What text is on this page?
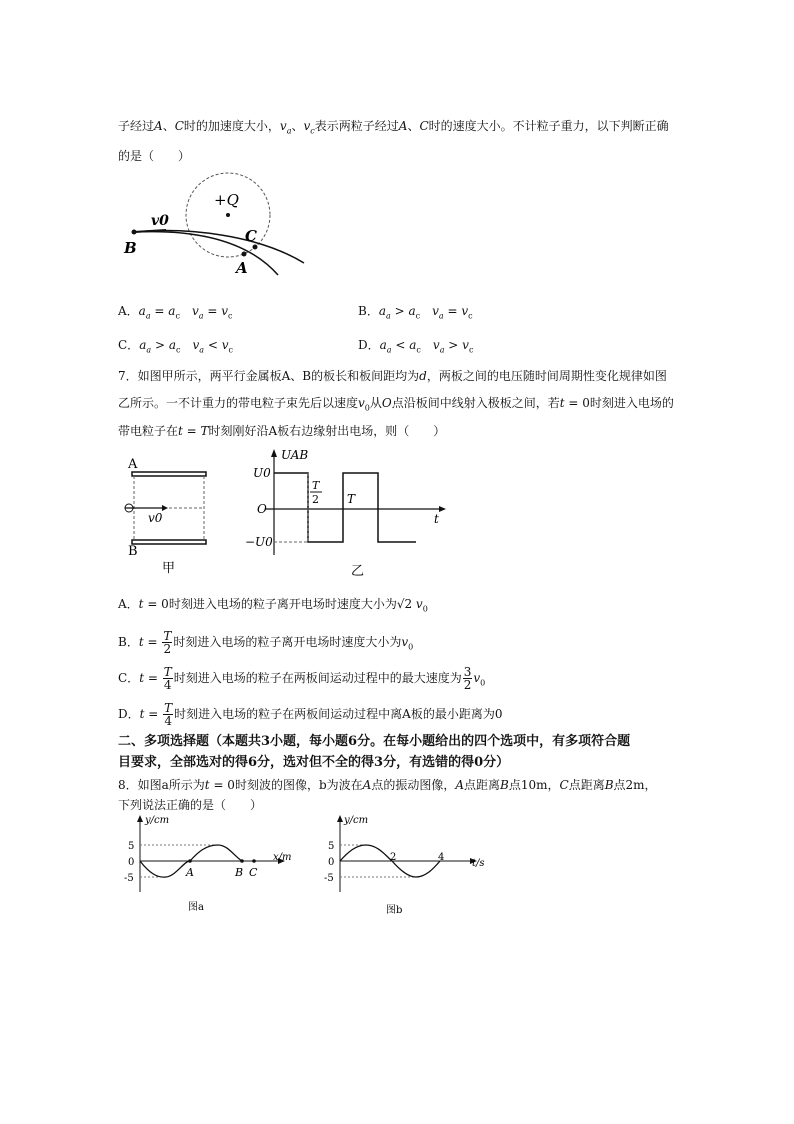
子经过A、C时的加速度大小，$v_a$、$v_c$表示两粒子经过A、C时的速度大小。不计粒子重力，以下判断正确
的是（　　）
+Q
v0
B
C
A
A．$a_a = a_c$　 $v_a = v_c$	B．$a_a > a_c$　 $v_a = v_c$
C．$a_a > a_c$　 $v_a < v_c$	D．$a_a < a_c$　 $v_a > v_c$
7．如图甲所示，两平行金属板A、B的板长和板间距均为d，两板之间的电压随时间周期性变化规律如图
乙所示。一不计重力的带电粒子束先后以速度$v_0$从O点沿板间中线射入极板之间，若t = 0时刻进入电场的
带电粒子在t = T时刻刚好沿A板右边缘射出电场，则（　　）
A
v0
B
甲
UAB
U0
O
−U0
t
T
2 T
乙
A．t = 0时刻进入电场的粒子离开电场时速度大小为√2 $v_0$
B．$t = \frac{T}{2}$ 时刻进入电场的粒子离开电场时速度大小为$v_0$
C．$t = \frac{T}{4}$ 时刻进入电场的粒子在两板间运动过程中的最大速度为 $\frac{3}{2} v_0$
D．$t = \frac{T}{4}$ 时刻进入电场的粒子在两板间运动过程中离A板的最小距离为0
二、多项选择题（本题共3小题，每小题6分。在每小题给出的四个选项中，有多项符合题
目要求，全部选对的得6分，选对但不全的得3分，有选错的得0分）
8．如图a所示为t = 0时刻波的图像，b为波在A点的振动图像，A点距离B点10m，C点距离B点2m，
下列说法正确的是（　　）
y/cm
x/m
5
0
-5	A	B C
图a
y/cm
t/s
5
0
-5
2	4
图b
